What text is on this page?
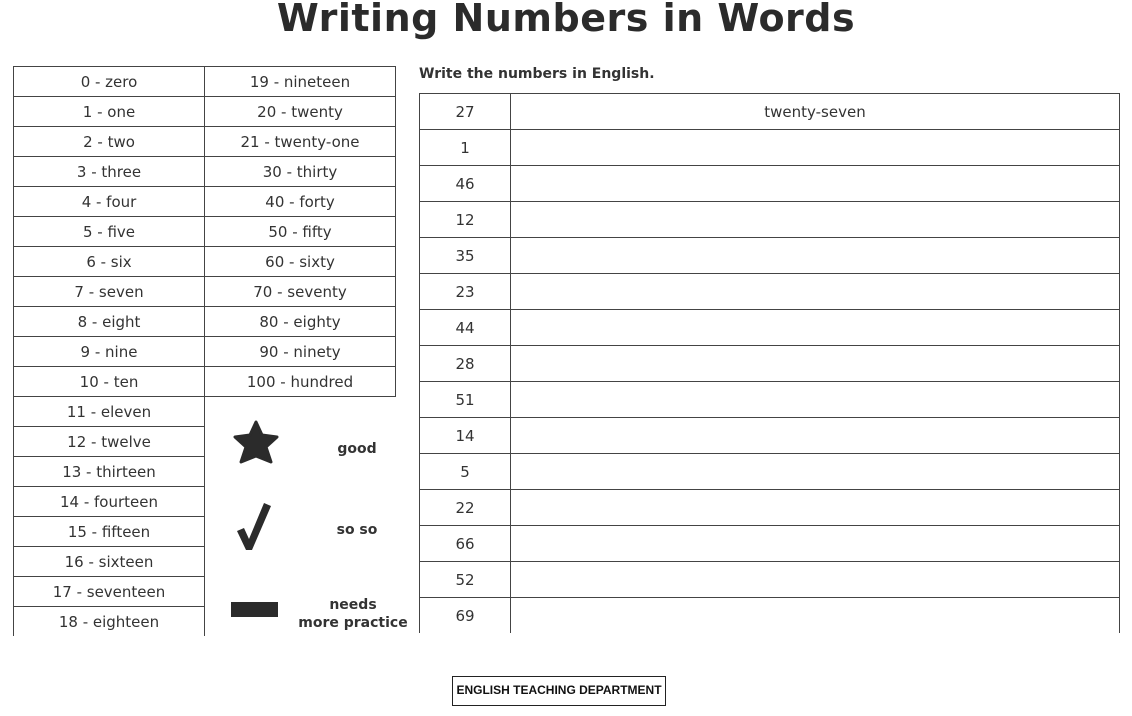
Writing Numbers in Words
0 - zero	19 - nineteen
1 - one	20 - twenty
2 - two	21 - twenty-one
3 - three	30 - thirty
4 - four	40 - forty
5 - five	50 - fifty
6 - six	60 - sixty
7 - seven	70 - seventy
8 - eight	80 - eighty
9 - nine	90 - ninety
10 - ten	100 - hundred
11 - eleven	
12 - twelve	
13 - thirteen	
14 - fourteen	
15 - fifteen	
16 - sixteen	
17 - seventeen	
18 - eighteen	
Write the numbers in English.
27	twenty-seven
1	
46	
12	
35	
23	
44	
28	
51	
14	
5	
22	
66	
52	
69	
good
so so
needs
more practice
ENGLISH TEACHING DEPARTMENT
